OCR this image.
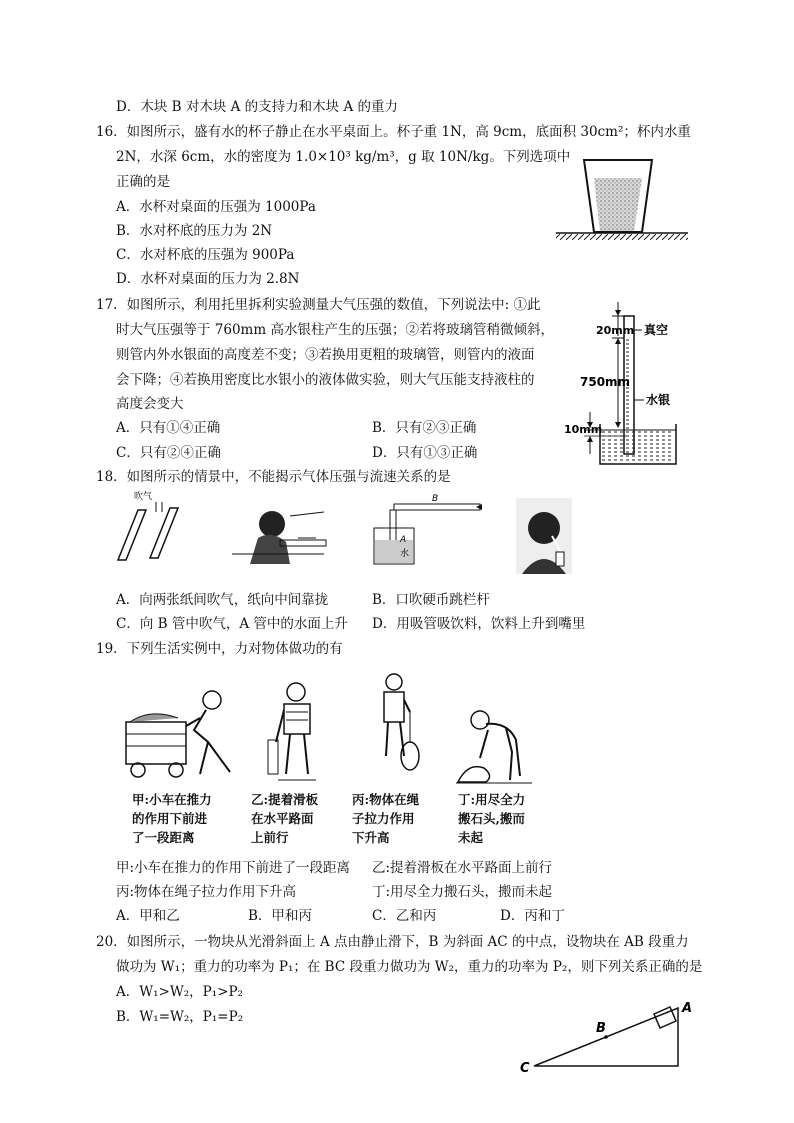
D．木块 B 对木块 A 的支持力和木块 A 的重力
16．如图所示，盛有水的杯子静止在水平桌面上。杯子重 1N，高 9cm，底面积 30cm²；杯内水重
2N，水深 6cm，水的密度为 1.0×10³ kg/m³，g 取 10N/kg。下列选项中
正确的是
A．水杯对桌面的压强为 1000Pa
B．水对杯底的压力为 2N
C．水对杯底的压强为 900Pa
D．水杯对桌面的压力为 2.8N
17．如图所示，利用托里拆利实验测量大气压强的数值，下列说法中: ①此
时大气压强等于 760mm 高水银柱产生的压强；②若将玻璃管稍微倾斜，
则管内外水银面的高度差不变；③若换用更粗的玻璃管，则管内的液面
会下降；④若换用密度比水银小的液体做实验，则大气压能支持液柱的
高度会变大
A．只有①④正确	B．只有②③正确
C．只有②④正确	D．只有①③正确
20mm 真空
750mm
水银
10mm
18．如图所示的情景中，不能揭示气体压强与流速关系的是
吹气	B
A
水
A．向两张纸间吹气，纸向中间靠拢	B．口吹硬币跳栏杆
C．向 B 管中吹气，A 管中的水面上升 D．用吸管吸饮料，饮料上升到嘴里
19．下列生活实例中，力对物体做功的有
甲:小车在推力
的作用下前进
了一段距离
乙:提着滑板
在水平路面
上前行
丙:物体在绳
子拉力作用
下升高
丁:用尽全力
搬石头,搬而
未起
甲:小车在推力的作用下前进了一段距离 乙:提着滑板在水平路面上前行
丙:物体在绳子拉力作用下升高	丁:用尽全力搬石头，搬而未起
A．甲和乙	B．甲和丙	C．乙和丙	D．丙和丁
20．如图所示，一物块从光滑斜面上 A 点由静止滑下，B 为斜面 AC 的中点，设物块在 AB 段重力
做功为 W₁；重力的功率为 P₁；在 BC 段重力做功为 W₂，重力的功率为 P₂，则下列关系正确的是
A．W₁>W₂，P₁>P₂
B．W₁=W₂，P₁=P₂
A
B
C
